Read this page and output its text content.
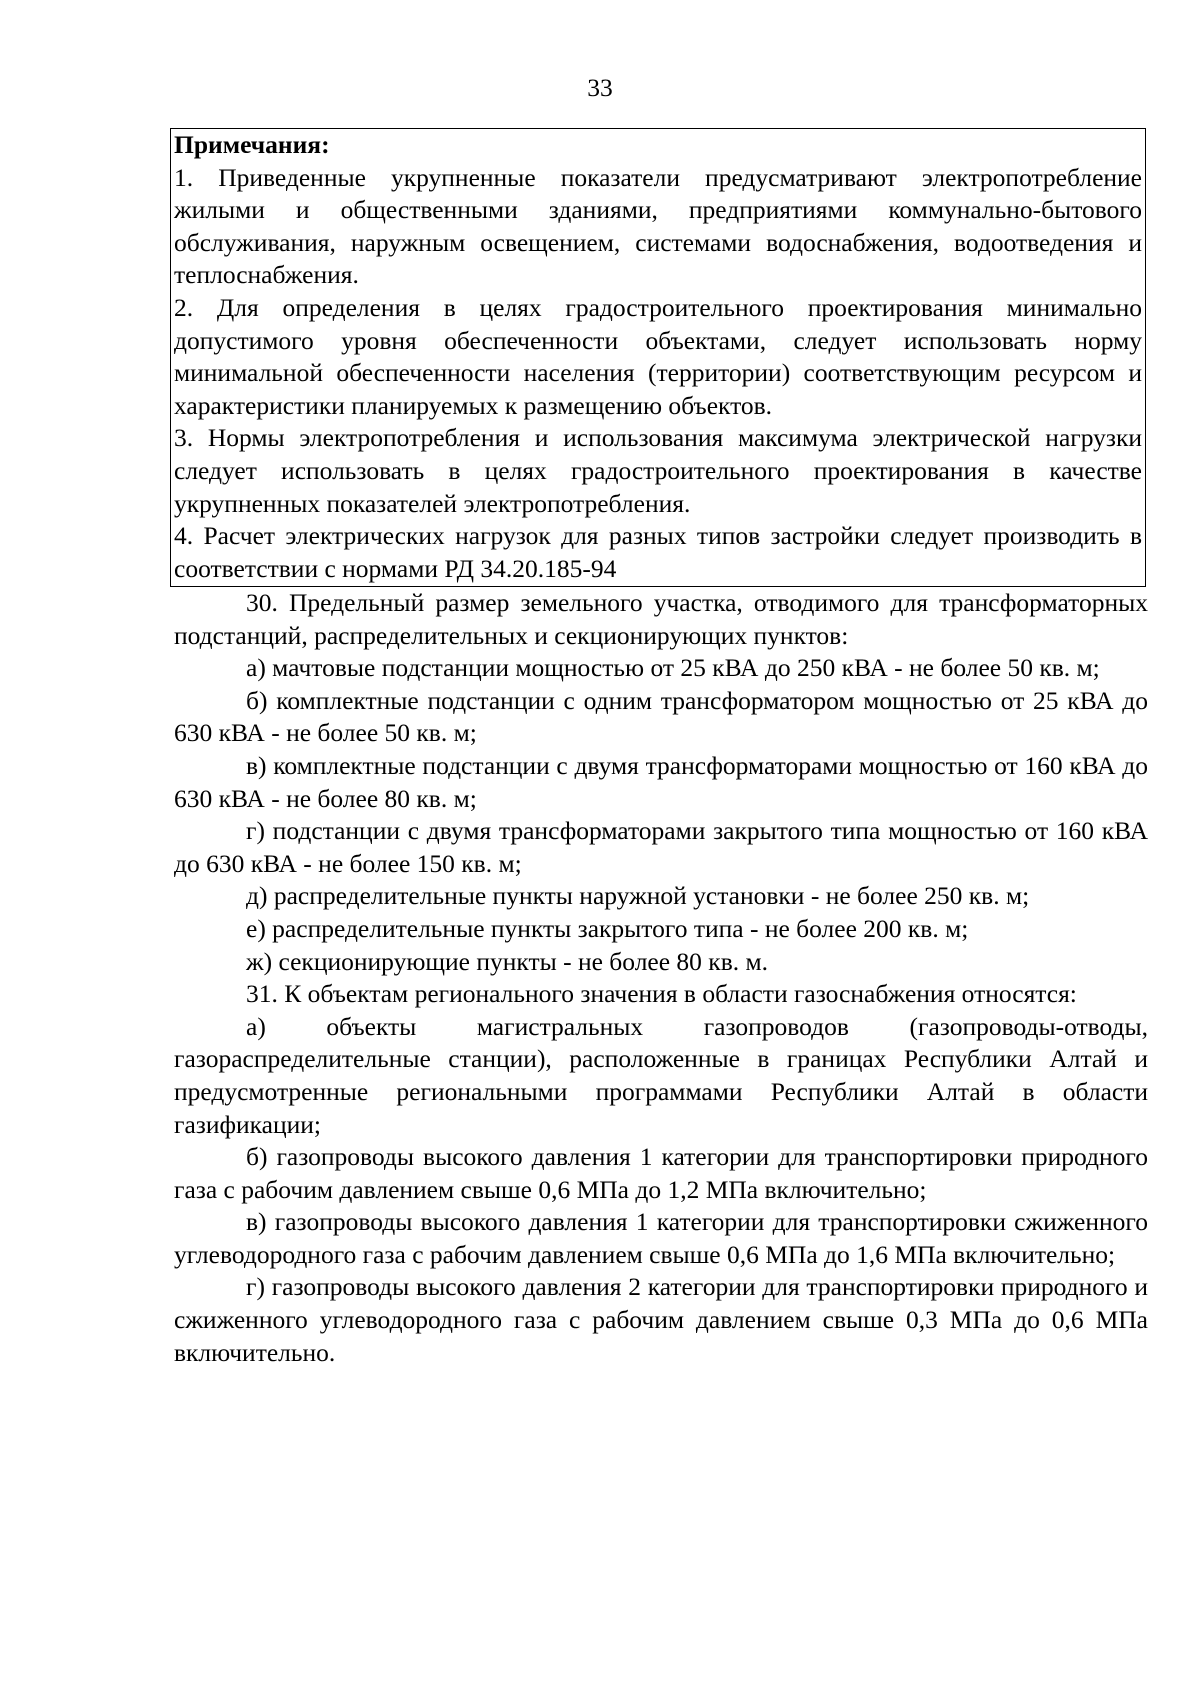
33

Примечания:

1. Приведенные укрупненные показатели предусматривают электропотребление жилыми и общественными зданиями, предприятиями коммунально-бытового обслуживания, наружным освещением, системами водоснабжения, водоотведения и теплоснабжения.

2. Для определения в целях градостроительного проектирования минимально допустимого уровня обеспеченности объектами, следует использовать норму минимальной обеспеченности населения (территории) соответствующим ресурсом и характеристики планируемых к размещению объектов.

3. Нормы электропотребления и использования максимума электрической нагрузки следует использовать в целях градостроительного проектирования в качестве укрупненных показателей электропотребления.

4. Расчет электрических нагрузок для разных типов застройки следует производить в соответствии с нормами РД 34.20.185-94

30. Предельный размер земельного участка, отводимого для трансформаторных подстанций, распределительных и секционирующих пунктов:

а) мачтовые подстанции мощностью от 25 кВА до 250 кВА - не более 50 кв. м;

б) комплектные подстанции с одним трансформатором мощностью от 25 кВА до 630 кВА - не более 50 кв. м;

в) комплектные подстанции с двумя трансформаторами мощностью от 160 кВА до 630 кВА - не более 80 кв. м;

г) подстанции с двумя трансформаторами закрытого типа мощностью от 160 кВА до 630 кВА - не более 150 кв. м;

д) распределительные пункты наружной установки - не более 250 кв. м;

е) распределительные пункты закрытого типа - не более 200 кв. м;

ж) секционирующие пункты - не более 80 кв. м.

31. К объектам регионального значения в области газоснабжения относятся:

а) объекты магистральных газопроводов (газопроводы-отводы, газораспределительные станции), расположенные в границах Республики Алтай и предусмотренные региональными программами Республики Алтай в области газификации;

б) газопроводы высокого давления 1 категории для транспортировки природного газа с рабочим давлением свыше 0,6 МПа до 1,2 МПа включительно;

в) газопроводы высокого давления 1 категории для транспортировки сжиженного углеводородного газа с рабочим давлением свыше 0,6 МПа до 1,6 МПа включительно;

г) газопроводы высокого давления 2 категории для транспортировки природного и сжиженного углеводородного газа с рабочим давлением свыше 0,3 МПа до 0,6 МПа включительно.
